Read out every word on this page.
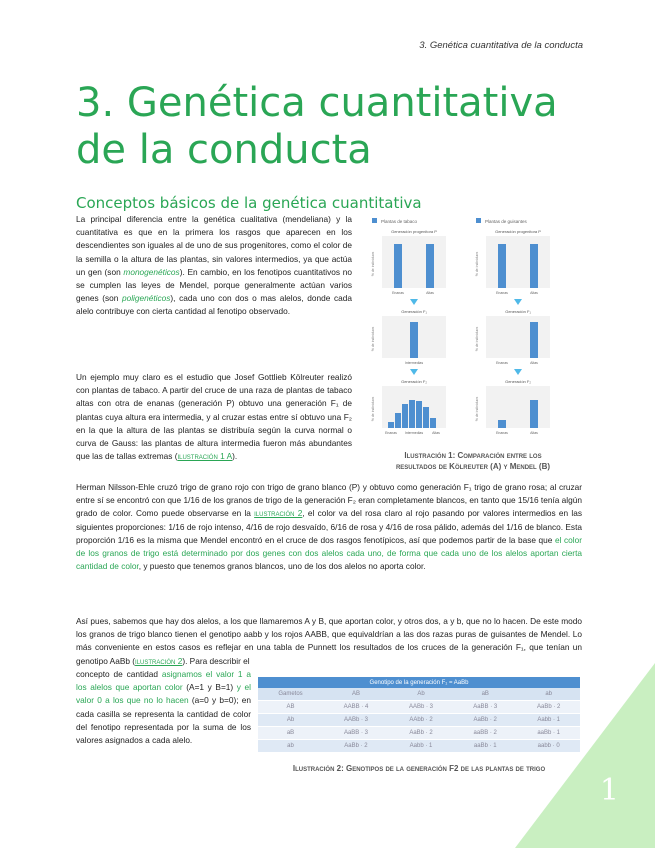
3. Genética cuantitativa de la conducta
3. Genética cuantitativa de la conducta
Conceptos básicos de la genética cuantitativa

La principal diferencia entre la genética cualitativa (mendeliana) y la cuantitativa es que en la primera los rasgos que aparecen en los descendientes son iguales al de uno de sus progenitores, como el color de la semilla o la altura de las plantas, sin valores intermedios, ya que actúa un gen (son monogenéticos). En cambio, en los fenotipos cuantitativos no se cumplen las leyes de Mendel, porque generalmente actúan varios genes (son poligenéticos), cada uno con dos o mas alelos, donde cada alelo contribuye con cierta cantidad al fenotipo observado.

Un ejemplo muy claro es el estudio que Josef Gottlieb Kölreuter realizó con plantas de tabaco. A partir del cruce de una raza de plantas de tabaco altas con otra de enanas (generación P) obtuvo una generación F₁ de plantas cuya altura era intermedia, y al cruzar estas entre sí obtuvo una F₂ en la que la altura de las plantas se distribuía según la curva normal o curva de Gauss: las plantas de altura intermedia fueron más abundantes que las de tallas extremas (ilustración 1 A).

Plantas de tabaco	Plantas de guisantes
Generación progenitora P
% de individuos
Enanas	Altas
Generación progenitora P
% de individuos
Enanas	Altas
Generación F₁
% de individuos
Intermedias
Generación F₁
% de individuos
Enanas	Altas
Generación F₂
% de individuos
Enanas Intermedias	Altas
Generación F₂
% de individuos
Enanas	Altas
Ilustración 1: Comparación entre los
resultados de Kölreuter (A) y Mendel (B)

Herman Nilsson-Ehle cruzó trigo de grano rojo con trigo de grano blanco (P) y obtuvo como generación F₁ trigo de grano rosa; al cruzar entre sí se encontró con que 1/16 de los granos de trigo de la generación F₂ eran completamente blancos, en tanto que 15/16 tenía algún grado de color. Como puede observarse en la ilustración 2, el color va del rosa claro al rojo pasando por valores intermedios en las siguientes proporciones: 1/16 de rojo intenso, 4/16 de rojo desvaído, 6/16 de rosa y 4/16 de rosa pálido, además del 1/16 de blanco. Esta proporción 1/16 es la misma que Mendel encontró en el cruce de dos rasgos fenotípicos, así que podemos partir de la base que el color de los granos de trigo está determinado por dos genes con dos alelos cada uno, de forma que cada uno de los alelos aportan cierta cantidad de color, y puesto que tenemos granos blancos, uno de los dos alelos no aporta color.

Así pues, sabemos que hay dos alelos, a los que llamaremos A y B, que aportan color, y otros dos, a y b, que no lo hacen. De este modo los granos de trigo blanco tienen el genotipo aabb y los rojos AABB, que equivaldrían a las dos razas puras de guisantes de Mendel. Lo más conveniente en estos casos es reflejar en una tabla de Punnett los resultados de los cruces de la generación F₁, que tenían un genotipo AaBb (ilustración 2). Para describir el

concepto de cantidad asignamos el valor 1 a los alelos que aportan color (A=1 y B=1) y el valor 0 a los que no lo hacen (a=0 y b=0); en cada casilla se representa la cantidad de color del fenotipo representada por la suma de los valores asignados a cada alelo.

Genotipo de la generación F₁ = AaBb				
Gametos	AB	Ab	aB	ab
AB	AABB · 4	AABb · 3	AaBB · 3	AaBb · 2
Ab	AABb · 3	AAbb · 2	AaBb · 2	Aabb · 1
aB	AaBB · 3	AaBb · 2	aaBB · 2	aaBb · 1
ab	AaBb · 2	Aabb · 1	aaBb · 1	aabb · 0
Ilustración 2: Genotipos de la generación F2 de las plantas de trigo
1
